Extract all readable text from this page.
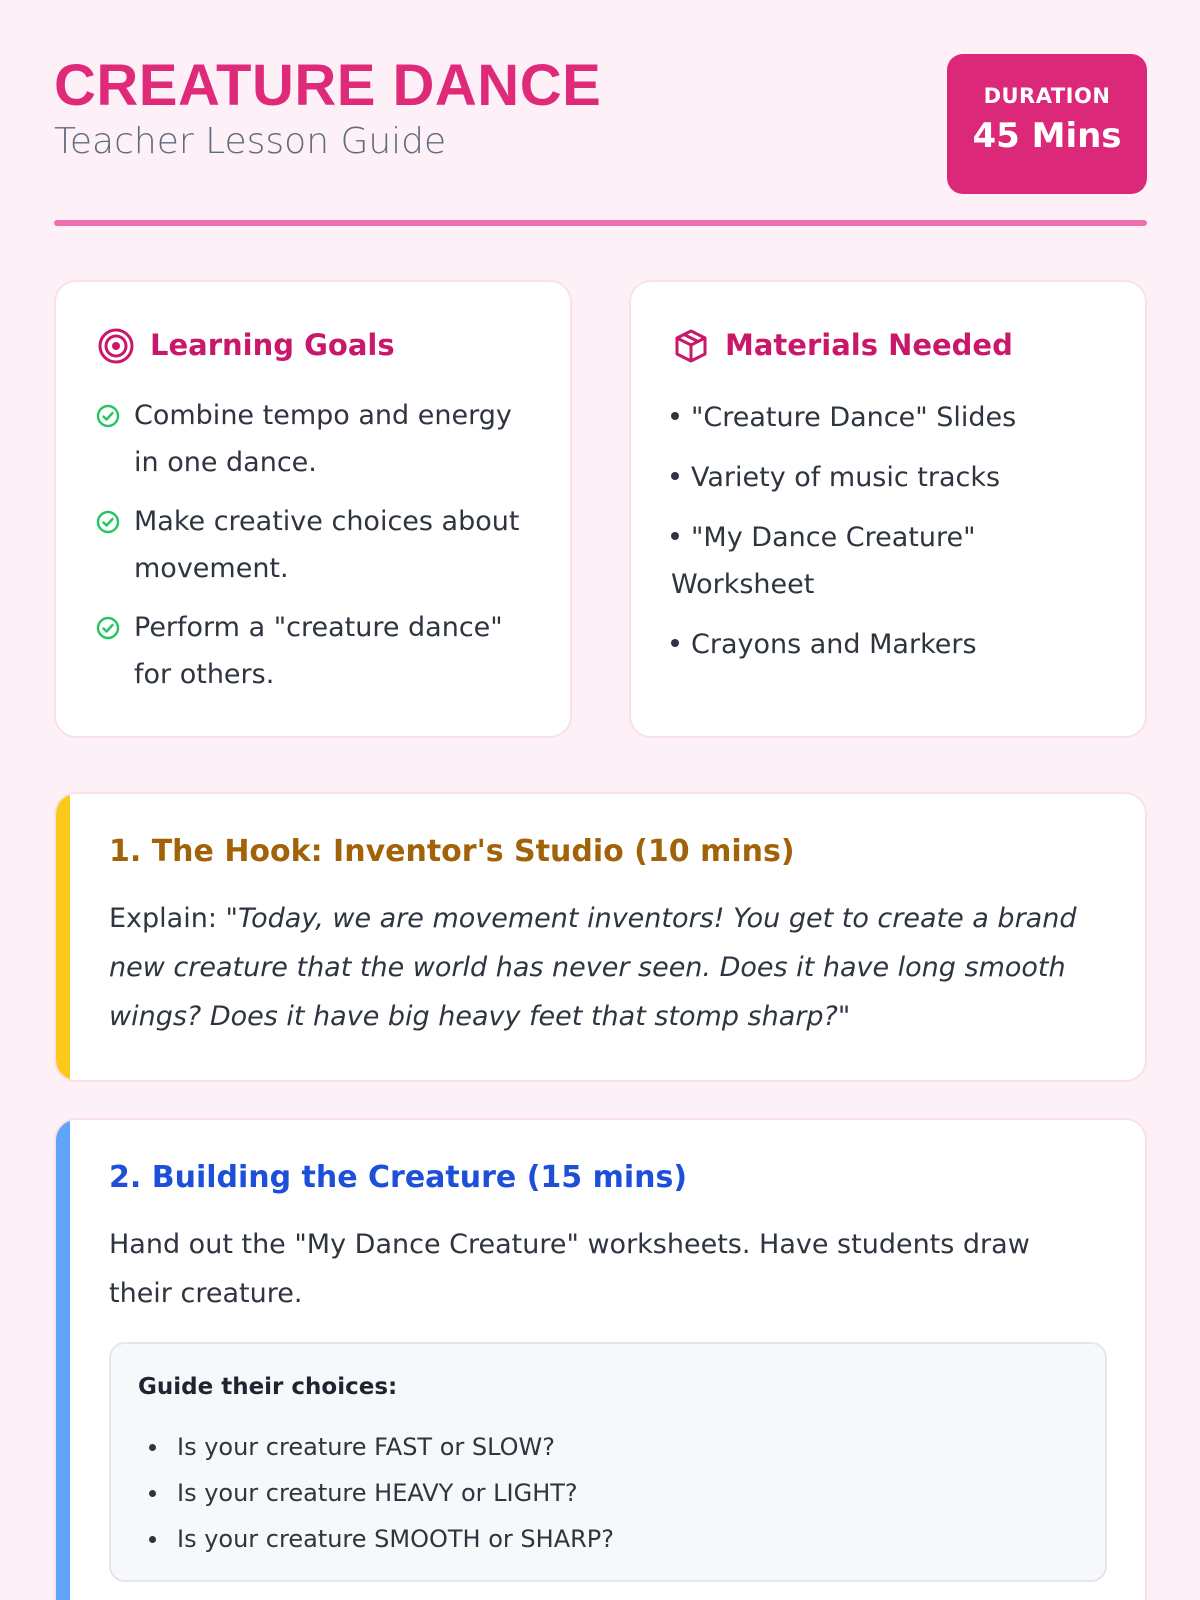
CREATURE DANCE
Teacher Lesson Guide
DURATION
45 Mins
Learning Goals
Combine tempo and energy in one dance.
Make creative choices about movement.
Perform a "creature dance" for others.
Materials Needed
"Creature Dance" Slides
Variety of music tracks
"My Dance Creature" Worksheet
Crayons and Markers
1. The Hook: Inventor's Studio (10 mins)

Explain: "Today, we are movement inventors! You get to create a brand new creature that the world has never seen. Does it have long smooth wings? Does it have big heavy feet that stomp sharp?"

2. Building the Creature (15 mins)

Hand out the "My Dance Creature" worksheets. Have students draw their creature.

Guide their choices:
Is your creature FAST or SLOW?
Is your creature HEAVY or LIGHT?
Is your creature SMOOTH or SHARP?
